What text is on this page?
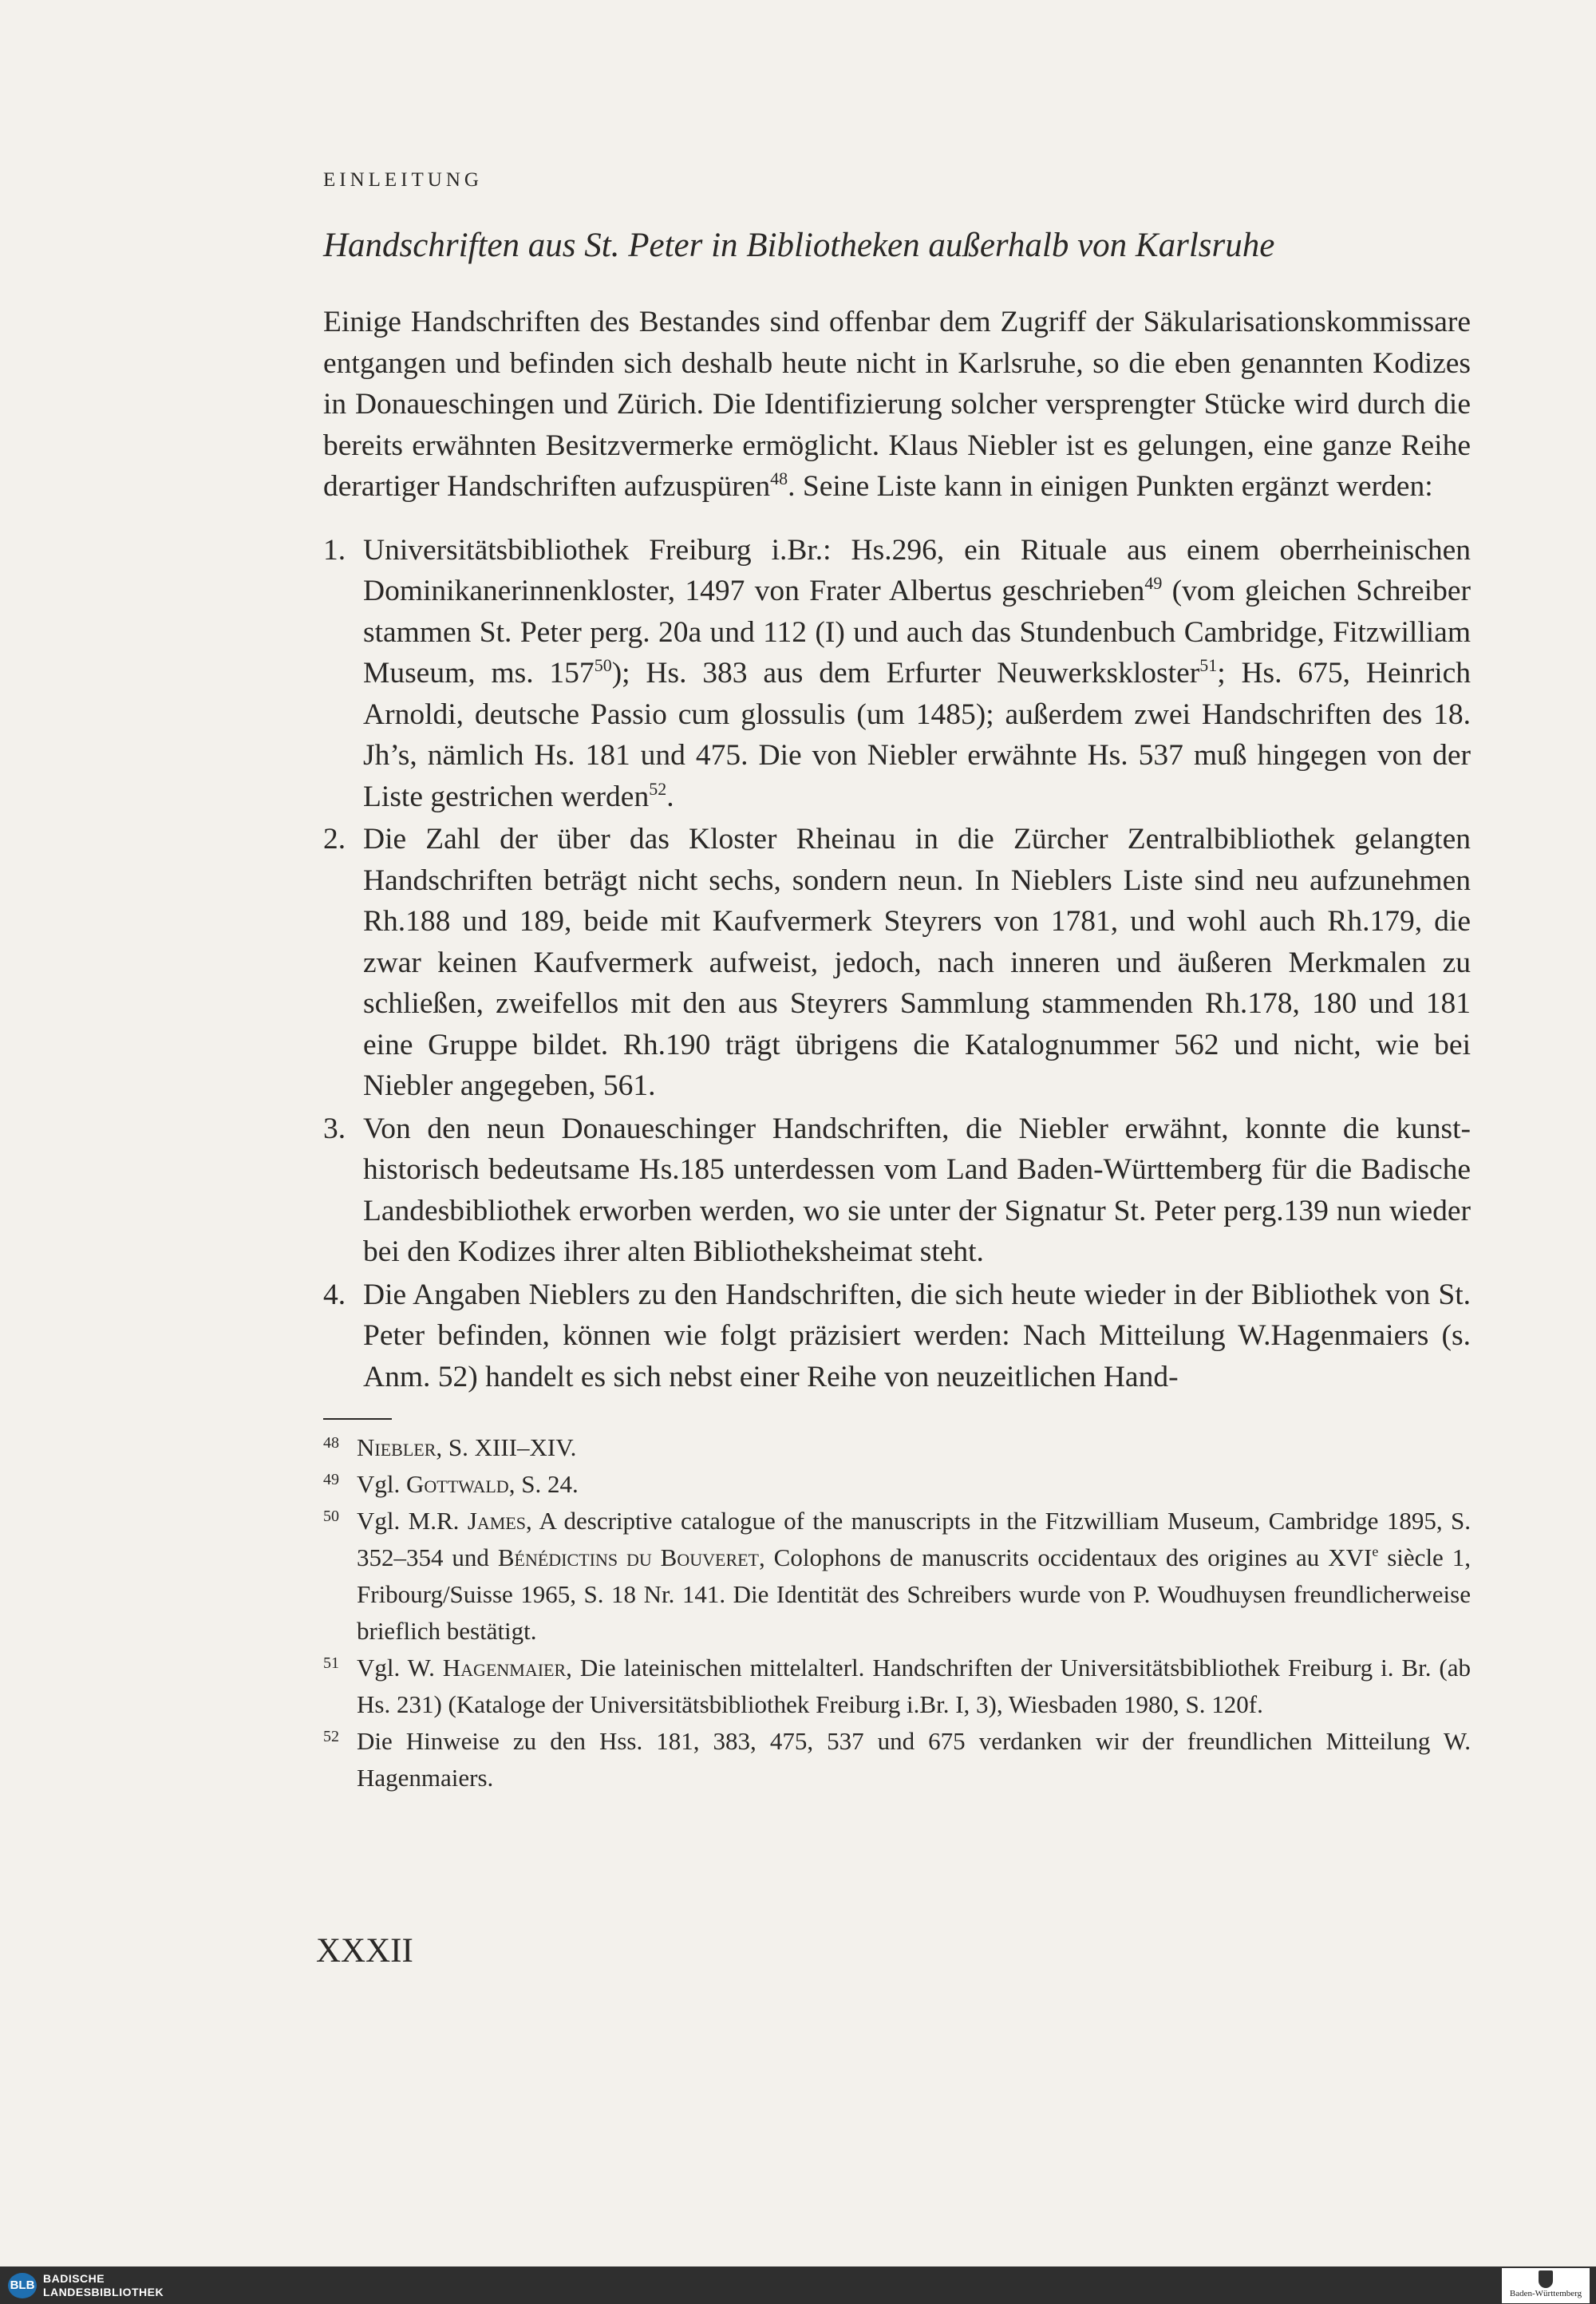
EINLEITUNG
Handschriften aus St. Peter in Bibliotheken außerhalb von Karlsruhe

Einige Handschriften des Bestandes sind offenbar dem Zugriff der Säkularisationskommissare entgangen und befinden sich deshalb heute nicht in Karlsruhe, so die eben genannten Kodizes in Donaueschingen und Zürich. Die Identifizierung solcher versprengter Stücke wird durch die bereits erwähnten Besitzvermerke ermöglicht. Klaus Niebler ist es gelungen, eine ganze Reihe derartiger Handschriften aufzuspüren$^{48}$. Seine Liste kann in einigen Punkten ergänzt werden:

1. Universitätsbibliothek Freiburg i.Br.: Hs.296, ein Rituale aus einem oberrheinischen Dominikanerinnenkloster, 1497 von Frater Albertus geschrieben$^{49}$ (vom gleichen Schreiber stammen St. Peter perg. 20a und 112 (I) und auch das Stundenbuch Cambridge, Fitzwilliam Museum, ms. $157^{50}$); Hs. 383 aus dem Erfurter Neuwerkskloster$^{51}$; Hs. 675, Heinrich Arnoldi, deutsche Passio cum glossulis (um 1485); außerdem zwei Handschriften des 18. Jh’s, nämlich Hs. 181 und 475. Die von Niebler erwähnte Hs. 537 muß hingegen von der Liste gestrichen werden$^{52}$.
2. Die Zahl der über das Kloster Rheinau in die Zürcher Zentralbibliothek gelangten Handschriften beträgt nicht sechs, sondern neun. In Nieblers Liste sind neu aufzunehmen Rh.188 und 189, beide mit Kaufvermerk Steyrers von 1781, und wohl auch Rh.179, die zwar keinen Kaufvermerk aufweist, jedoch, nach inneren und äußeren Merkmalen zu schließen, zweifellos mit den aus Steyrers Sammlung stammenden Rh.178, 180 und 181 eine Gruppe bildet. Rh.190 trägt übrigens die Katalognummer 562 und nicht, wie bei Niebler angegeben, 561.
3. Von den neun Donaueschinger Handschriften, die Niebler erwähnt, konnte die kunsthistorisch bedeutsame Hs.185 unterdessen vom Land Baden-Württemberg für die Badische Landesbibliothek erworben werden, wo sie unter der Signatur St. Peter perg.139 nun wieder bei den Kodizes ihrer alten Bibliotheksheimat steht.
4. Die Angaben Nieblers zu den Handschriften, die sich heute wieder in der Bibliothek von St. Peter befinden, können wie folgt präzisiert werden: Nach Mitteilung W.Hagenmaiers (s. Anm. 52) handelt es sich nebst einer Reihe von neuzeitlichen Hand-
48 Niebler, S. XIII–XIV.
49 Vgl. Gottwald, S. 24.
50 Vgl. M.R. James, A descriptive catalogue of the manuscripts in the Fitzwilliam Museum, Cambridge 1895, S. 352–354 und Bénédictins du Bouveret, Colophons de manuscrits occidentaux des origines au XVIe siècle 1, Fribourg/Suisse 1965, S. 18 Nr. 141. Die Identität des Schreibers wurde von P. Woudhuysen freundlicherweise brieflich bestätigt.
51 Vgl. W. Hagenmaier, Die lateinischen mittelalterl. Handschriften der Universitätsbibliothek Freiburg i. Br. (ab Hs. 231) (Kataloge der Universitätsbibliothek Freiburg i.Br. I, 3), Wiesbaden 1980, S. 120f.
52 Die Hinweise zu den Hss. 181, 383, 475, 537 und 675 verdanken wir der freundlichen Mitteilung W. Hagenmaiers.
XXXII
BLB BADISCHE
LANDESBIBLIOTHEK	Baden-Württemberg
